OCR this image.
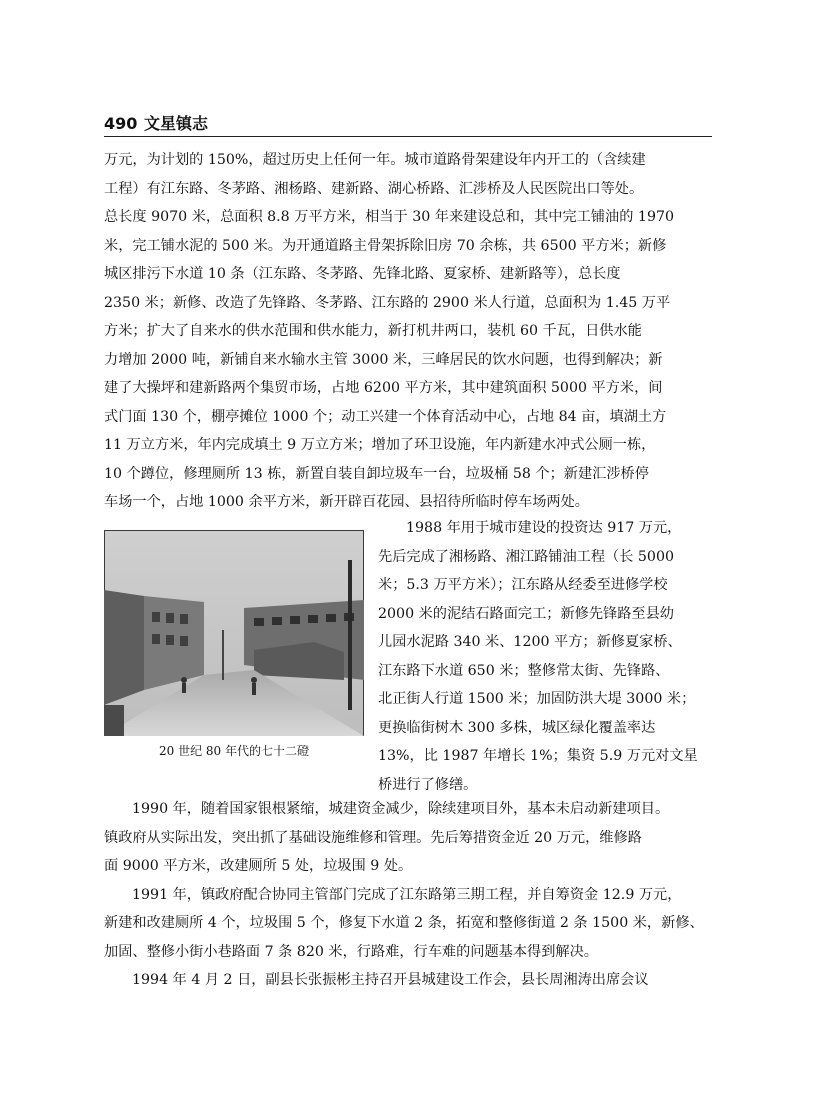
490 文星镇志
万元，为计划的 150%，超过历史上任何一年。城市道路骨架建设年内开工的（含续建
工程）有江东路、冬茅路、湘杨路、建新路、湖心桥路、汇涉桥及人民医院出口等处。
总长度 9070 米，总面积 8.8 万平方米，相当于 30 年来建设总和，其中完工铺油的 1970
米，完工铺水泥的 500 米。为开通道路主骨架拆除旧房 70 余栋，共 6500 平方米；新修
城区排污下水道 10 条（江东路、冬茅路、先锋北路、夏家桥、建新路等），总长度
2350 米；新修、改造了先锋路、冬茅路、江东路的 2900 米人行道，总面积为 1.45 万平
方米；扩大了自来水的供水范围和供水能力，新打机井两口，装机 60 千瓦，日供水能
力增加 2000 吨，新铺自来水输水主管 3000 米，三峰居民的饮水问题，也得到解决；新
建了大操坪和建新路两个集贸市场，占地 6200 平方米，其中建筑面积 5000 平方米，间
式门面 130 个，棚亭摊位 1000 个；动工兴建一个体育活动中心，占地 84 亩，填湖土方
11 万立方米，年内完成填土 9 万立方米；增加了环卫设施，年内新建水冲式公厕一栋，
10 个蹲位，修理厕所 13 栋，新置自装自卸垃圾车一台，垃圾桶 58 个；新建汇涉桥停
车场一个，占地 1000 余平方米，新开辟百花园、县招待所临时停车场两处。
20 世纪 80 年代的七十二磴
1988 年用于城市建设的投资达 917 万元，
先后完成了湘杨路、湘江路铺油工程（长 5000
米；5.3 万平方米）；江东路从经委至进修学校
2000 米的泥结石路面完工；新修先锋路至县幼
儿园水泥路 340 米、1200 平方；新修夏家桥、
江东路下水道 650 米；整修常太街、先锋路、
北正街人行道 1500 米；加固防洪大堤 3000 米；
更换临街树木 300 多株，城区绿化覆盖率达
13%，比 1987 年增长 1%；集资 5.9 万元对文星
桥进行了修缮。
1990 年，随着国家银根紧缩，城建资金减少，除续建项目外，基本未启动新建项目。
镇政府从实际出发，突出抓了基础设施维修和管理。先后筹措资金近 20 万元，维修路
面 9000 平方米，改建厕所 5 处，垃圾围 9 处。
1991 年，镇政府配合协同主管部门完成了江东路第三期工程，并自筹资金 12.9 万元，
新建和改建厕所 4 个，垃圾围 5 个，修复下水道 2 条，拓宽和整修街道 2 条 1500 米，新修、
加固、整修小街小巷路面 7 条 820 米，行路难，行车难的问题基本得到解决。
1994 年 4 月 2 日，副县长张振彬主持召开县城建设工作会，县长周湘涛出席会议
